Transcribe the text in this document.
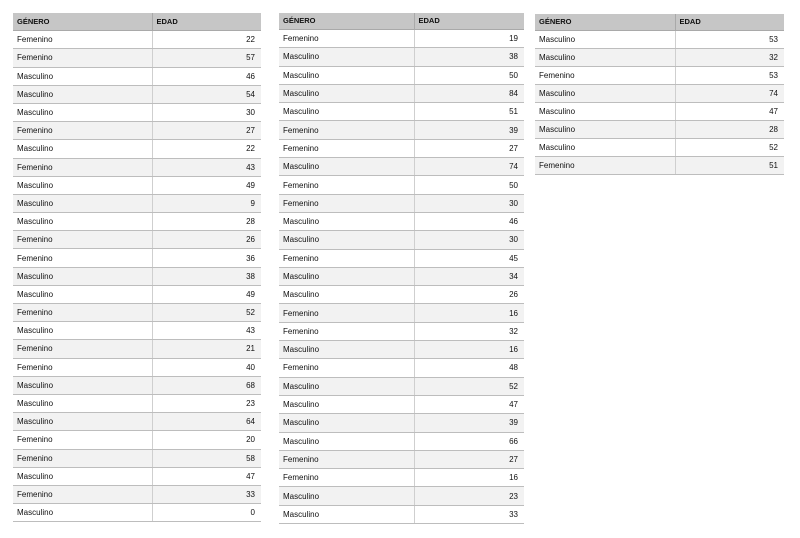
GÉNERO	EDAD
Femenino	22
Femenino	57
Masculino	46
Masculino	54
Masculino	30
Femenino	27
Masculino	22
Femenino	43
Masculino	49
Masculino	9
Masculino	28
Femenino	26
Femenino	36
Masculino	38
Masculino	49
Femenino	52
Masculino	43
Femenino	21
Femenino	40
Masculino	68
Masculino	23
Masculino	64
Femenino	20
Femenino	58
Masculino	47
Femenino	33
Masculino	0
GÉNERO	EDAD
Femenino	19
Masculino	38
Masculino	50
Masculino	84
Masculino	51
Femenino	39
Femenino	27
Masculino	74
Femenino	50
Femenino	30
Masculino	46
Masculino	30
Femenino	45
Masculino	34
Masculino	26
Femenino	16
Femenino	32
Masculino	16
Femenino	48
Masculino	52
Masculino	47
Masculino	39
Masculino	66
Femenino	27
Femenino	16
Masculino	23
Masculino	33
GÉNERO	EDAD
Masculino	53
Masculino	32
Femenino	53
Masculino	74
Masculino	47
Masculino	28
Masculino	52
Femenino	51
